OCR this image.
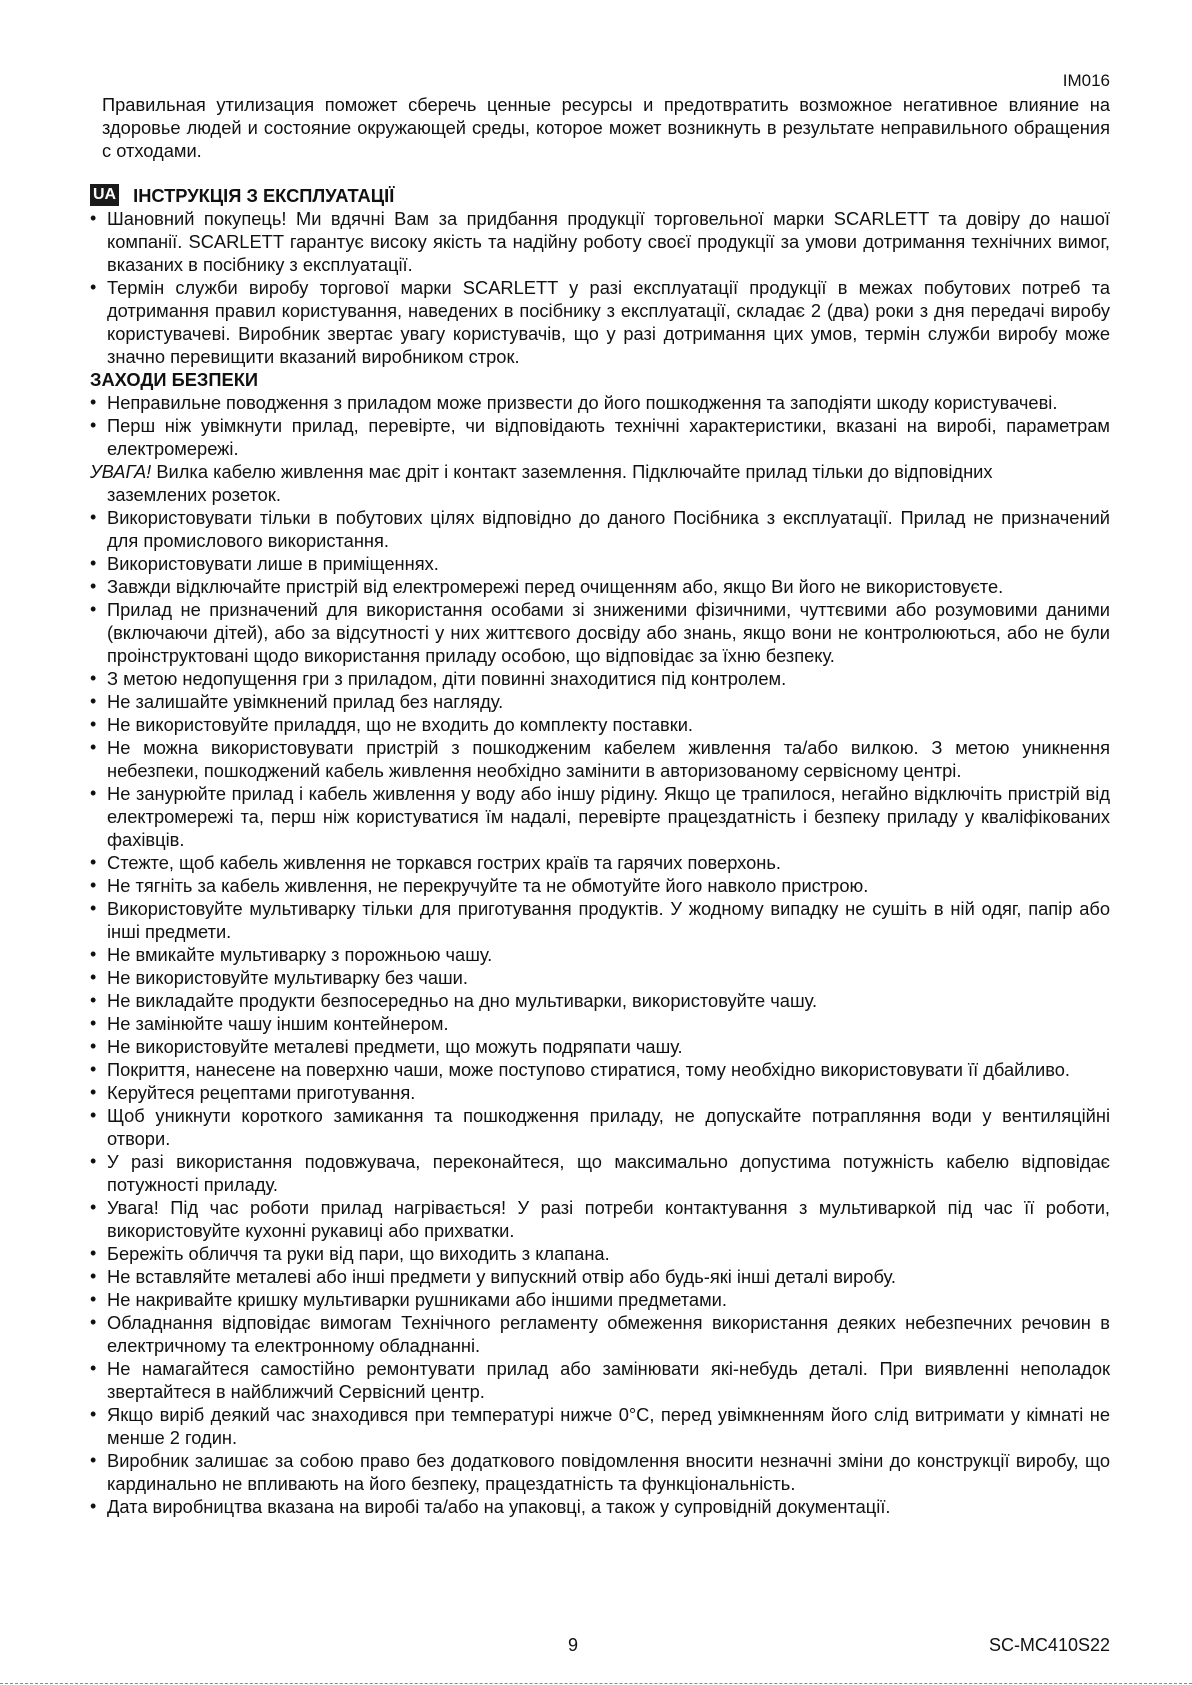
IM016

Правильная утилизация поможет сберечь ценные ресурсы и предотвратить возможное негативное влияние на здоровье людей и состояние окружающей среды, которое может возникнуть в результате неправильного обращения с отходами.

UA ІНСТРУКЦІЯ З ЕКСПЛУАТАЦІЇ
• Шановний покупець! Ми вдячні Вам за придбання продукції торговельної марки SCARLETT та довіру до нашої компанії. SCARLETT гарантує високу якість та надійну роботу своєї продукції за умови дотримання технічних вимог, вказаних в посібнику з експлуатації.
• Термін служби виробу торгової марки SCARLETT у разі експлуатації продукції в межах побутових потреб та дотримання правил користування, наведених в посібнику з експлуатації, складає 2 (два) роки з дня передачі виробу користувачеві. Виробник звертає увагу користувачів, що у разі дотримання цих умов, термін служби виробу може значно перевищити вказаний виробником строк.

ЗАХОДИ БЕЗПЕКИ

• Неправильне поводження з приладом може призвести до його пошкодження та заподіяти шкоду користувачеві.
• Перш ніж увімкнути прилад, перевірте, чи відповідають технічні характеристики, вказані на виробі, параметрам електромережі.
УВАГА! Вилка кабелю живлення має дріт і контакт заземлення. Підключайте прилад тільки до відповідних
заземлених розеток.
• Використовувати тільки в побутових цілях відповідно до даного Посібника з експлуатації. Прилад не призначений для промислового використання.
• Використовувати лише в приміщеннях.
• Завжди відключайте пристрій від електромережі перед очищенням або, якщо Ви його не використовуєте.
• Прилад не призначений для використання особами зі зниженими фізичними, чуттєвими або розумовими даними (включаючи дітей), або за відсутності у них життєвого досвіду або знань, якщо вони не контролюються, або не були проінструктовані щодо використання приладу особою, що відповідає за їхню безпеку.
• З метою недопущення гри з приладом, діти повинні знаходитися під контролем.
• Не залишайте увімкнений прилад без нагляду.
• Не використовуйте приладдя, що не входить до комплекту поставки.
• Не можна використовувати пристрій з пошкодженим кабелем живлення та/або вилкою. З метою уникнення небезпеки, пошкоджений кабель живлення необхідно замінити в авторизованому сервісному центрі.
• Не занурюйте прилад і кабель живлення у воду або іншу рідину. Якщо це трапилося, негайно відключіть пристрій від електромережі та, перш ніж користуватися їм надалі, перевірте працездатність і безпеку приладу у кваліфікованих фахівців.
• Стежте, щоб кабель живлення не торкався гострих країв та гарячих поверхонь.
• Не тягніть за кабель живлення, не перекручуйте та не обмотуйте його навколо пристрою.
• Використовуйте мультиварку тільки для приготування продуктів. У жодному випадку не сушіть в ній одяг, папір або інші предмети.
• Не вмикайте мультиварку з порожньою чашу.
• Не використовуйте мультиварку без чаши.
• Не викладайте продукти безпосередньо на дно мультиварки, використовуйте чашу.
• Не замінюйте чашу іншим контейнером.
• Не використовуйте металеві предмети, що можуть подряпати чашу.
• Покриття, нанесене на поверхню чаши, може поступово стиратися, тому необхідно використовувати її дбайливо.
• Керуйтеся рецептами приготування.
• Щоб уникнути короткого замикання та пошкодження приладу, не допускайте потрапляння води у вентиляційні отвори.
• У разі використання подовжувача, переконайтеся, що максимально допустима потужність кабелю відповідає потужності приладу.
• Увага! Під час роботи прилад нагрівається! У разі потреби контактування з мультиваркой під час її роботи, використовуйте кухонні рукавиці або прихватки.
• Бережіть обличчя та руки від пари, що виходить з клапана.
• Не вставляйте металеві або інші предмети у випускний отвір або будь-які інші деталі виробу.
• Не накривайте кришку мультиварки рушниками або іншими предметами.
• Обладнання відповідає вимогам Технічного регламенту обмеження використання деяких небезпечних речовин в електричному та електронному обладнанні.
• Не намагайтеся самостійно ремонтувати прилад або замінювати які-небудь деталі. При виявленні неполадок звертайтеся в найближчий Сервісний центр.
• Якщо виріб деякий час знаходився при температурі нижче 0°С, перед увімкненням його слід витримати у кімнаті не менше 2 годин.
• Виробник залишає за собою право без додаткового повідомлення вносити незначні зміни до конструкції виробу, що кардинально не впливають на його безпеку, працездатність та функціональність.
• Дата виробництва вказана на виробі та/або на упаковці, а також у супровідній документації.
9	SC-MC410S22
